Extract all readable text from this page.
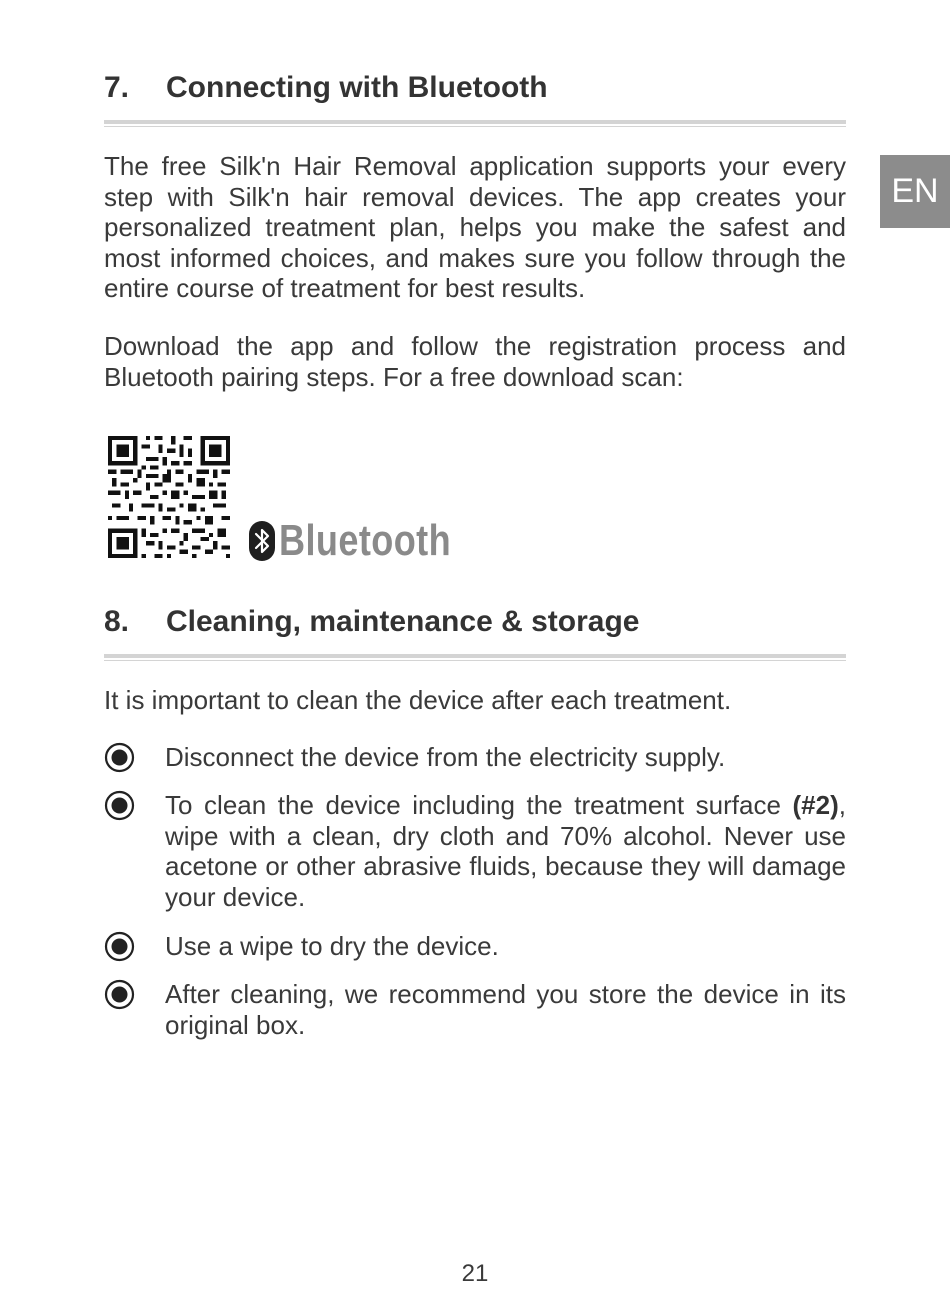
EN
7.	Connecting with Bluetooth

The free Silk'n Hair Removal application supports your every step with Silk'n hair removal devices. The app creates your personalized treatment plan, helps you make the safest and most informed choices, and makes sure you follow through the entire course of treatment for best results.

Download the app and follow the registration process and Bluetooth pairing steps. For a free download scan:

Bluetooth
8.	Cleaning, maintenance & storage

It is important to clean the device after each treatment.

Disconnect the device from the electricity supply.
To clean the device including the treatment surface (#2), wipe with a clean, dry cloth and 70% alcohol. Never use acetone or other abrasive fluids, because they will damage your device.
Use a wipe to dry the device.
After cleaning, we recommend you store the device in its original box.
21
